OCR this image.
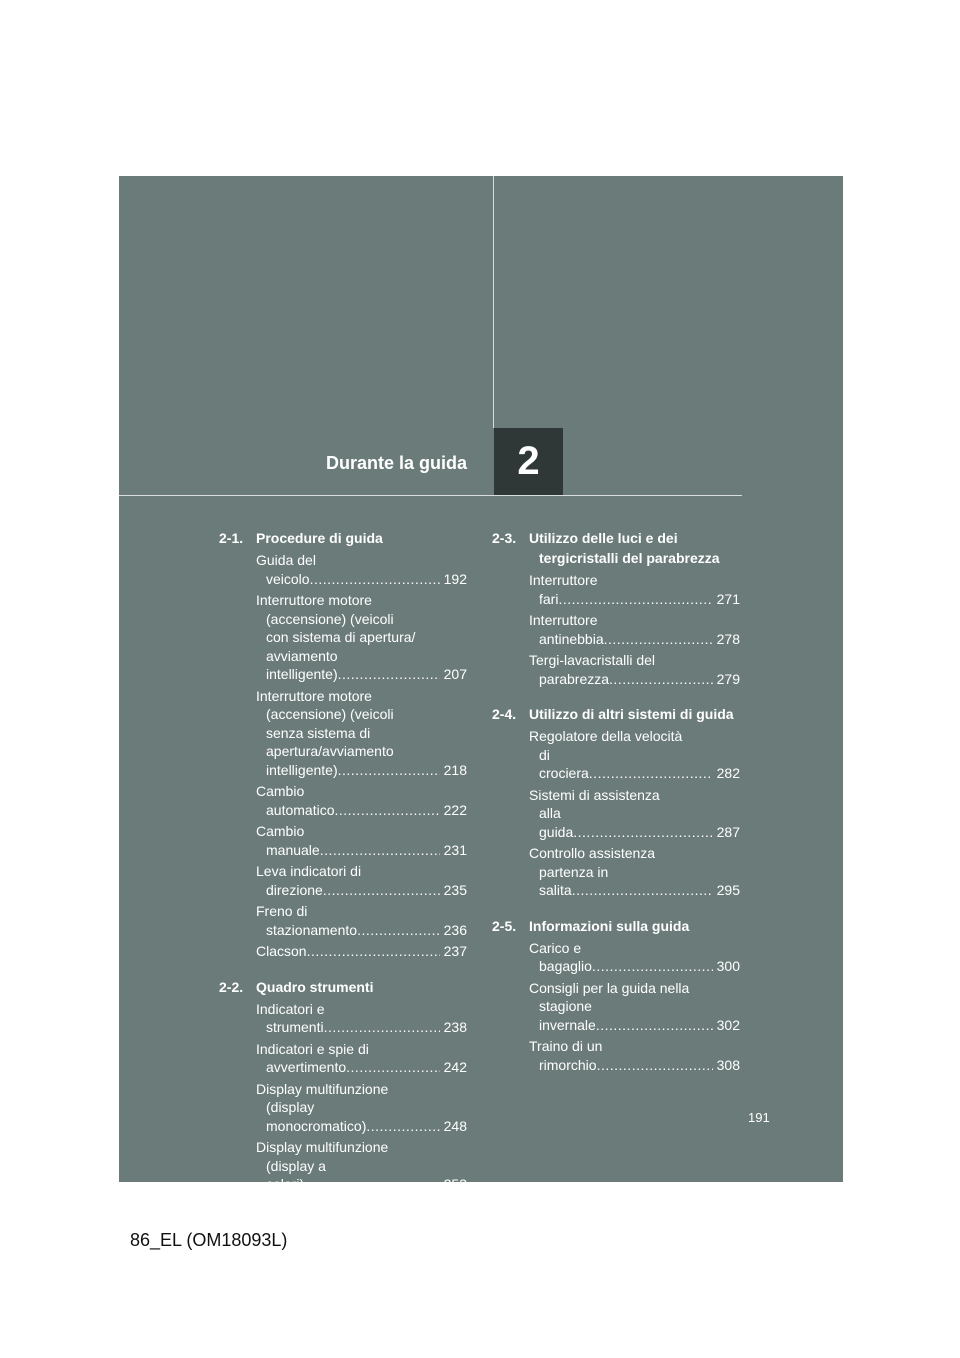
2
Durante la guida
2-1. Procedure di guida
Guida del veicolo .....	192
Interruttore motore
(accensione) (veicoli
con sistema di apertura/
avviamento
intelligente) .....	207
Interruttore motore
(accensione) (veicoli
senza sistema di
apertura/avviamento
intelligente) .....	218
Cambio automatico .....	222
Cambio manuale .....	231
Leva indicatori di
direzione .....	235
Freno di stazionamento .....	236
Clacson .....	237
2-2. Quadro strumenti
Indicatori e strumenti .....	238
Indicatori e spie di
avvertimento .....	242
Display multifunzione
(display
monocromatico) .....	248
Display multifunzione
(display a colori) .....	253
2-3. Utilizzo delle luci e dei tergicristalli del parabrezza
Interruttore fari .....	271
Interruttore antinebbia .....	278
Tergi-lavacristalli del
parabrezza .....	279
2-4. Utilizzo di altri sistemi di guida
Regolatore della velocità
di crociera .....	282
Sistemi di assistenza
alla guida .....	287
Controllo assistenza
partenza in salita .....	295
2-5. Informazioni sulla guida
Carico e bagaglio .....	300
Consigli per la guida nella
stagione invernale .....	302
Traino di un rimorchio .....	308
191
86_EL (OM18093L)
